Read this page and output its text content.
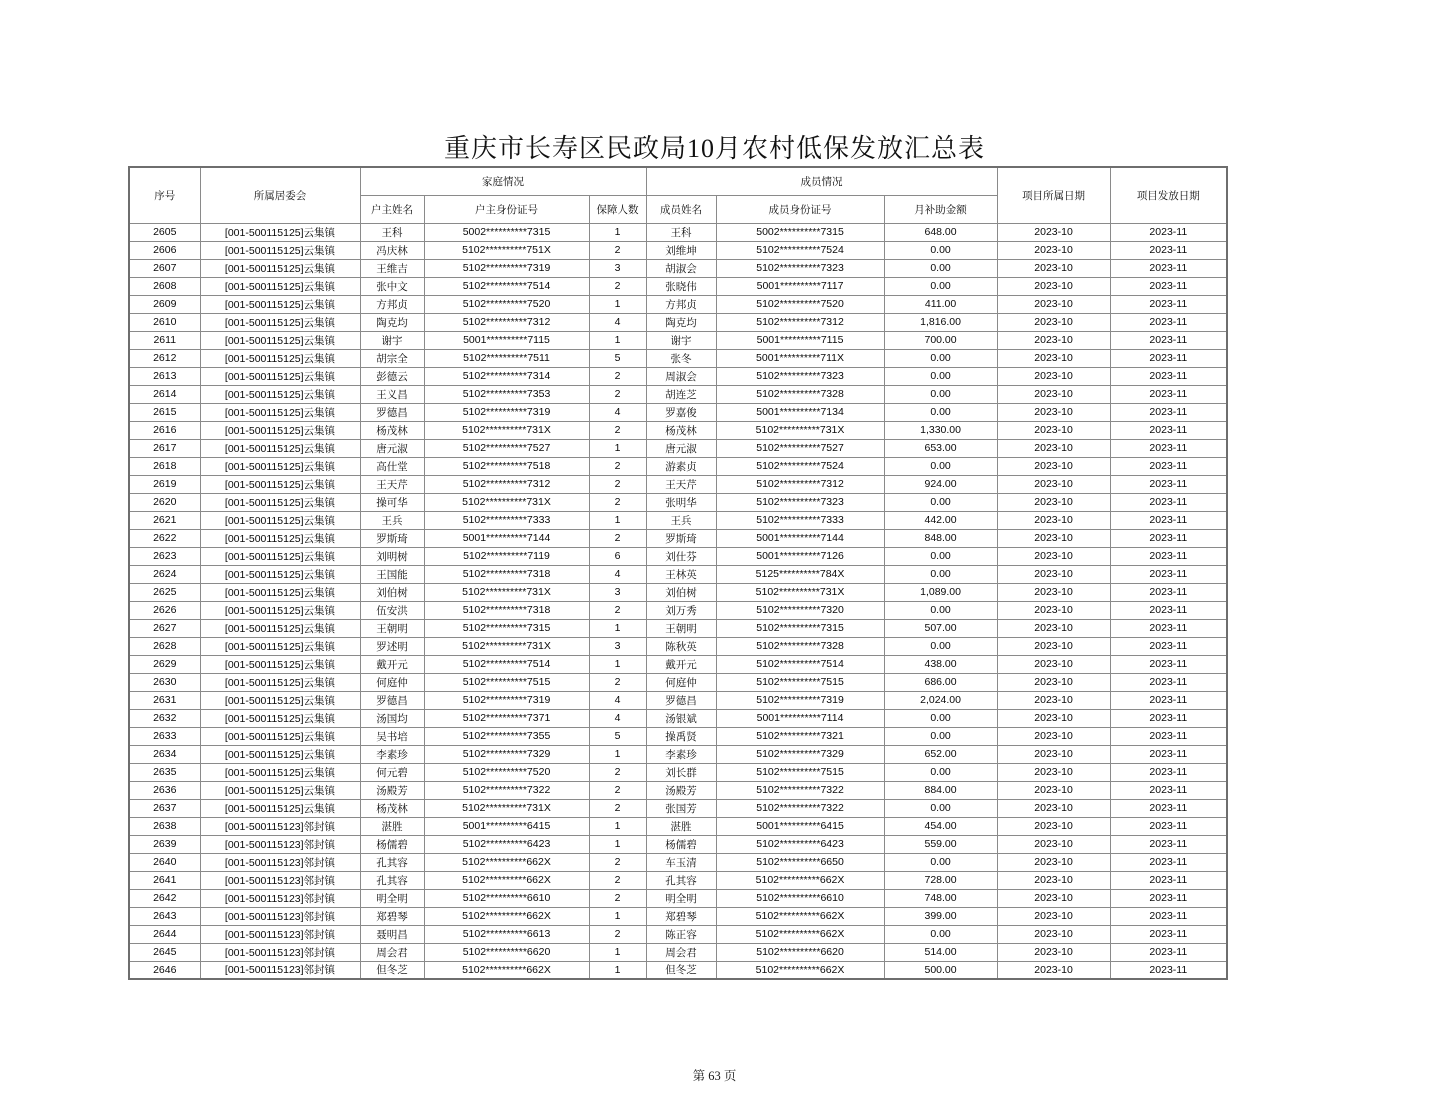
重庆市长寿区民政局10月农村低保发放汇总表
序号	所属居委会	家庭情况			成员情况			项目所属日期	项目发放日期
		户主姓名	户主身份证号	保障人数	成员姓名	成员身份证号	月补助金额		
2605	[001-500115125]云集镇	王科	5002**********7315	1	王科	5002**********7315	648.00	2023-10	2023-11
2606	[001-500115125]云集镇	冯庆林	5102**********751X	2	刘维坤	5102**********7524	0.00	2023-10	2023-11
2607	[001-500115125]云集镇	王维吉	5102**********7319	3	胡淑会	5102**********7323	0.00	2023-10	2023-11
2608	[001-500115125]云集镇	张中文	5102**********7514	2	张晓伟	5001**********7117	0.00	2023-10	2023-11
2609	[001-500115125]云集镇	方邦贞	5102**********7520	1	方邦贞	5102**********7520	411.00	2023-10	2023-11
2610	[001-500115125]云集镇	陶克均	5102**********7312	4	陶克均	5102**********7312	1,816.00	2023-10	2023-11
2611	[001-500115125]云集镇	谢宇	5001**********7115	1	谢宇	5001**********7115	700.00	2023-10	2023-11
2612	[001-500115125]云集镇	胡宗全	5102**********7511	5	张冬	5001**********711X	0.00	2023-10	2023-11
2613	[001-500115125]云集镇	彭德云	5102**********7314	2	周淑会	5102**********7323	0.00	2023-10	2023-11
2614	[001-500115125]云集镇	王义昌	5102**********7353	2	胡连芝	5102**********7328	0.00	2023-10	2023-11
2615	[001-500115125]云集镇	罗德昌	5102**********7319	4	罗嘉俊	5001**********7134	0.00	2023-10	2023-11
2616	[001-500115125]云集镇	杨茂林	5102**********731X	2	杨茂林	5102**********731X	1,330.00	2023-10	2023-11
2617	[001-500115125]云集镇	唐元淑	5102**********7527	1	唐元淑	5102**********7527	653.00	2023-10	2023-11
2618	[001-500115125]云集镇	高仕堂	5102**********7518	2	游素贞	5102**********7524	0.00	2023-10	2023-11
2619	[001-500115125]云集镇	王天芹	5102**********7312	2	王天芹	5102**********7312	924.00	2023-10	2023-11
2620	[001-500115125]云集镇	操可华	5102**********731X	2	张明华	5102**********7323	0.00	2023-10	2023-11
2621	[001-500115125]云集镇	王兵	5102**********7333	1	王兵	5102**********7333	442.00	2023-10	2023-11
2622	[001-500115125]云集镇	罗斯琦	5001**********7144	2	罗斯琦	5001**********7144	848.00	2023-10	2023-11
2623	[001-500115125]云集镇	刘明树	5102**********7119	6	刘仕芬	5001**********7126	0.00	2023-10	2023-11
2624	[001-500115125]云集镇	王国能	5102**********7318	4	王林英	5125**********784X	0.00	2023-10	2023-11
2625	[001-500115125]云集镇	刘伯树	5102**********731X	3	刘伯树	5102**********731X	1,089.00	2023-10	2023-11
2626	[001-500115125]云集镇	伍安洪	5102**********7318	2	刘万秀	5102**********7320	0.00	2023-10	2023-11
2627	[001-500115125]云集镇	王朝明	5102**********7315	1	王朝明	5102**********7315	507.00	2023-10	2023-11
2628	[001-500115125]云集镇	罗述明	5102**********731X	3	陈秋英	5102**********7328	0.00	2023-10	2023-11
2629	[001-500115125]云集镇	戴开元	5102**********7514	1	戴开元	5102**********7514	438.00	2023-10	2023-11
2630	[001-500115125]云集镇	何庭仲	5102**********7515	2	何庭仲	5102**********7515	686.00	2023-10	2023-11
2631	[001-500115125]云集镇	罗德昌	5102**********7319	4	罗德昌	5102**********7319	2,024.00	2023-10	2023-11
2632	[001-500115125]云集镇	汤国均	5102**********7371	4	汤银斌	5001**********7114	0.00	2023-10	2023-11
2633	[001-500115125]云集镇	吴书培	5102**********7355	5	操禹贤	5102**********7321	0.00	2023-10	2023-11
2634	[001-500115125]云集镇	李素珍	5102**********7329	1	李素珍	5102**********7329	652.00	2023-10	2023-11
2635	[001-500115125]云集镇	何元碧	5102**********7520	2	刘长群	5102**********7515	0.00	2023-10	2023-11
2636	[001-500115125]云集镇	汤殿芳	5102**********7322	2	汤殿芳	5102**********7322	884.00	2023-10	2023-11
2637	[001-500115125]云集镇	杨茂林	5102**********731X	2	张国芳	5102**********7322	0.00	2023-10	2023-11
2638	[001-500115123]邻封镇	湛胜	5001**********6415	1	湛胜	5001**********6415	454.00	2023-10	2023-11
2639	[001-500115123]邻封镇	杨儒碧	5102**********6423	1	杨儒碧	5102**********6423	559.00	2023-10	2023-11
2640	[001-500115123]邻封镇	孔其容	5102**********662X	2	车玉清	5102**********6650	0.00	2023-10	2023-11
2641	[001-500115123]邻封镇	孔其容	5102**********662X	2	孔其容	5102**********662X	728.00	2023-10	2023-11
2642	[001-500115123]邻封镇	明全明	5102**********6610	2	明全明	5102**********6610	748.00	2023-10	2023-11
2643	[001-500115123]邻封镇	郑碧琴	5102**********662X	1	郑碧琴	5102**********662X	399.00	2023-10	2023-11
2644	[001-500115123]邻封镇	聂明昌	5102**********6613	2	陈正容	5102**********662X	0.00	2023-10	2023-11
2645	[001-500115123]邻封镇	周会君	5102**********6620	1	周会君	5102**********6620	514.00	2023-10	2023-11
2646	[001-500115123]邻封镇	但冬芝	5102**********662X	1	但冬芝	5102**********662X	500.00	2023-10	2023-11
第 63 页
